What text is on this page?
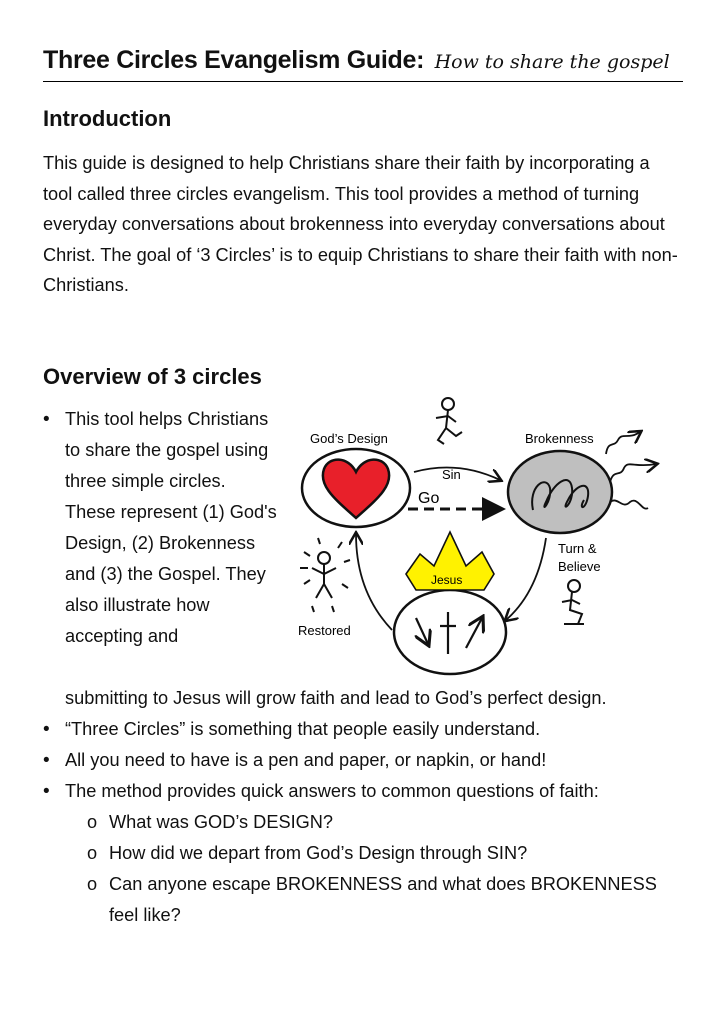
Three Circles Evangelism Guide: How to share the gospel
Introduction

This guide is designed to help Christians share their faith by incorporating a tool called three circles evangelism. This tool provides a method of turning everyday conversations about brokenness into everyday conversations about Christ. The goal of ‘3 Circles’ is to equip Christians to share their faith with non-Christians.

Overview of 3 circles

• This tool helps Christians to share the gospel using three simple circles. These represent (1) God's Design, (2) Brokenness and (3) the Gospel. They also illustrate how accepting and

submitting to Jesus will grow faith and lead to God’s perfect design.

• “Three Circles” is something that people easily understand.
• All you need to have is a pen and paper, or napkin, or hand!
• The method provides quick answers to common questions of faith:
o What was GOD’s DESIGN?
o How did we depart from God’s Design through SIN?
o Can anyone escape BROKENNESS and what does BROKENNESS feel like?
God’s Design
Sin
Go
Brokenness
Turn &
Believe
Jesus
Restored
